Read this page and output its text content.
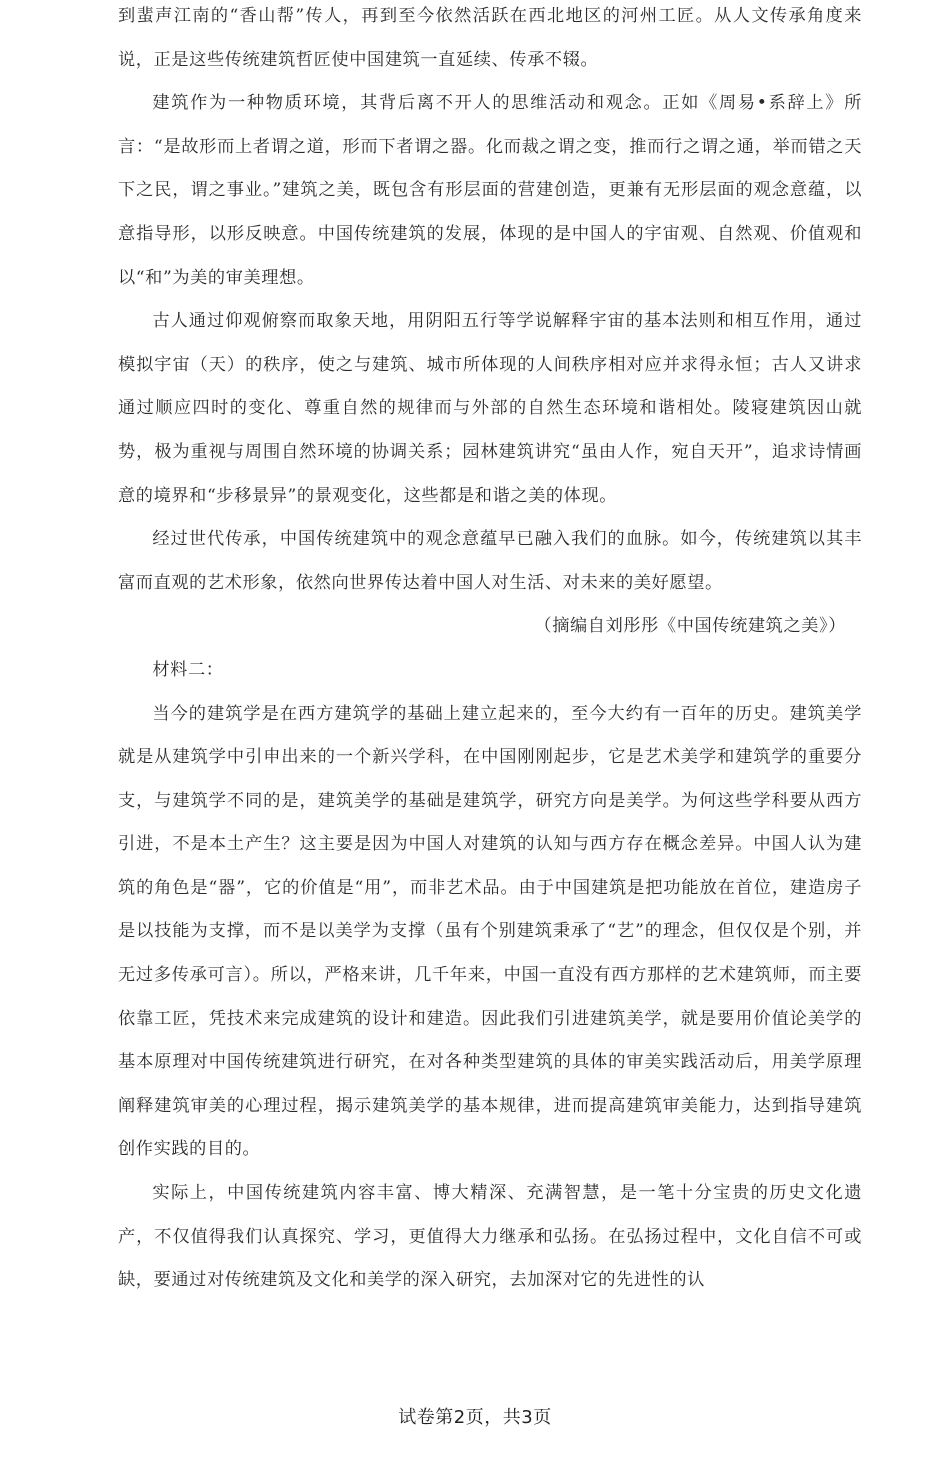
到蜚声江南的“香山帮”传人，再到至今依然活跃在西北地区的河州工匠。从人文传承角度来说，正是这些传统建筑哲匠使中国建筑一直延续、传承不辍。

建筑作为一种物质环境，其背后离不开人的思维活动和观念。正如《周易•系辞上》所言：“是故形而上者谓之道，形而下者谓之器。化而裁之谓之变，推而行之谓之通，举而错之天下之民，谓之事业。”建筑之美，既包含有形层面的营建创造，更兼有无形层面的观念意蕴，以意指导形，以形反映意。中国传统建筑的发展，体现的是中国人的宇宙观、自然观、价值观和以“和”为美的审美理想。

古人通过仰观俯察而取象天地，用阴阳五行等学说解释宇宙的基本法则和相互作用，通过模拟宇宙（天）的秩序，使之与建筑、城市所体现的人间秩序相对应并求得永恒；古人又讲求通过顺应四时的变化、尊重自然的规律而与外部的自然生态环境和谐相处。陵寝建筑因山就势，极为重视与周围自然环境的协调关系；园林建筑讲究“虽由人作，宛自天开”，追求诗情画意的境界和“步移景异”的景观变化，这些都是和谐之美的体现。

经过世代传承，中国传统建筑中的观念意蕴早已融入我们的血脉。如今，传统建筑以其丰富而直观的艺术形象，依然向世界传达着中国人对生活、对未来的美好愿望。

（摘编自刘彤彤《中国传统建筑之美》）

材料二：

当今的建筑学是在西方建筑学的基础上建立起来的，至今大约有一百年的历史。建筑美学就是从建筑学中引申出来的一个新兴学科，在中国刚刚起步，它是艺术美学和建筑学的重要分支，与建筑学不同的是，建筑美学的基础是建筑学，研究方向是美学。为何这些学科要从西方引进，不是本土产生？这主要是因为中国人对建筑的认知与西方存在概念差异。中国人认为建筑的角色是“器”，它的价值是“用”，而非艺术品。由于中国建筑是把功能放在首位，建造房子是以技能为支撑，而不是以美学为支撑（虽有个别建筑秉承了“艺”的理念，但仅仅是个别，并无过多传承可言）。所以，严格来讲，几千年来，中国一直没有西方那样的艺术建筑师，而主要依靠工匠，凭技术来完成建筑的设计和建造。因此我们引进建筑美学，就是要用价值论美学的基本原理对中国传统建筑进行研究，在对各种类型建筑的具体的审美实践活动后，用美学原理阐释建筑审美的心理过程，揭示建筑美学的基本规律，进而提高建筑审美能力，达到指导建筑创作实践的目的。

实际上，中国传统建筑内容丰富、博大精深、充满智慧，是一笔十分宝贵的历史文化遗产，不仅值得我们认真探究、学习，更值得大力继承和弘扬。在弘扬过程中，文化自信不可或缺，要通过对传统建筑及文化和美学的深入研究，去加深对它的先进性的认

试卷第2页，共3页
